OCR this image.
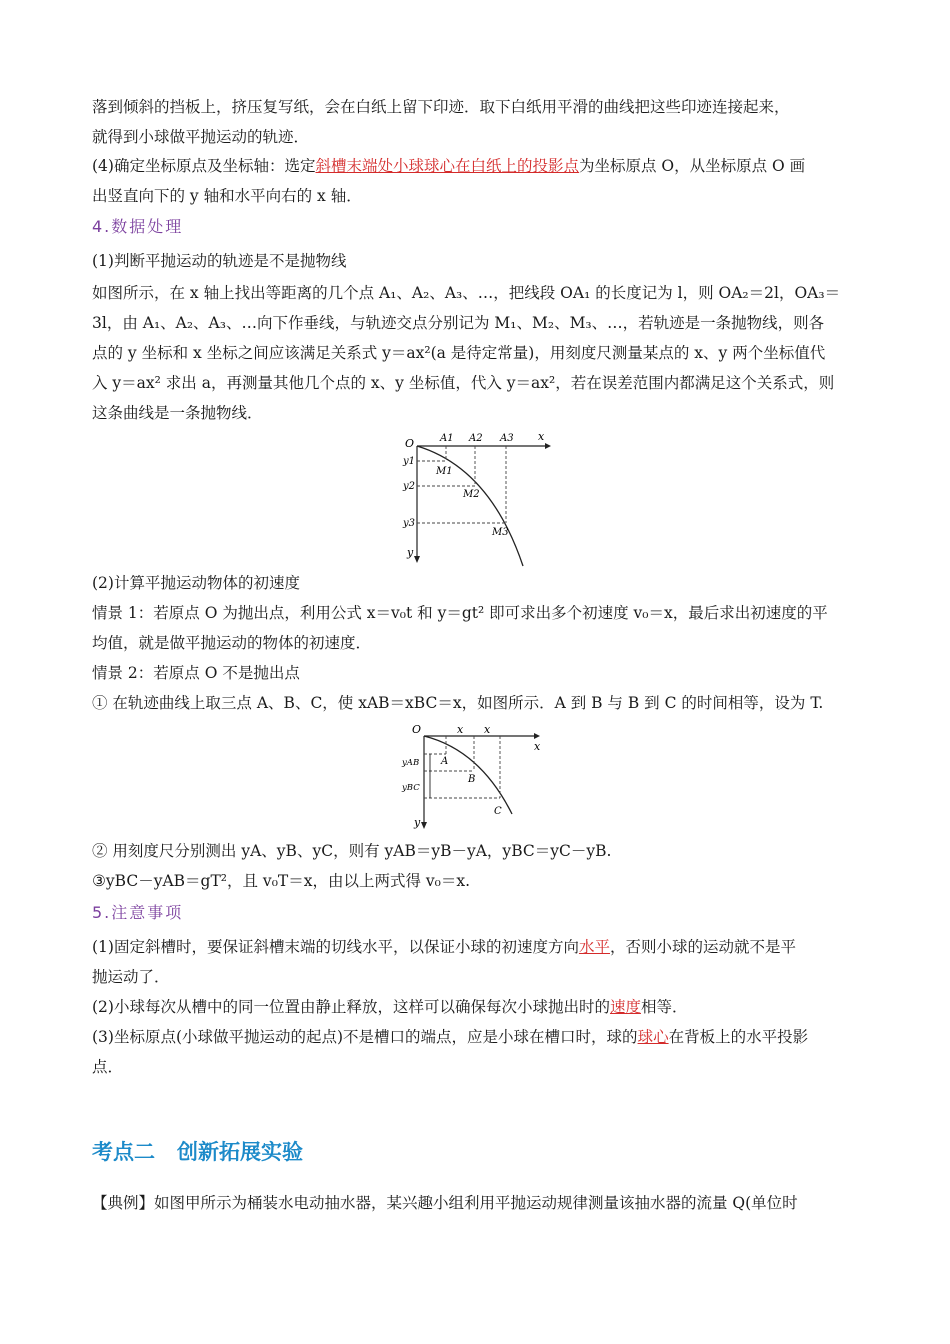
落到倾斜的挡板上，挤压复写纸，会在白纸上留下印迹．取下白纸用平滑的曲线把这些印迹连接起来，
就得到小球做平抛运动的轨迹．
(4)确定坐标原点及坐标轴：选定斜槽末端处小球球心在白纸上的投影点为坐标原点 O，从坐标原点 O 画
出竖直向下的 y 轴和水平向右的 x 轴．
4.数据处理
(1)判断平抛运动的轨迹是不是抛物线
如图所示，在 x 轴上找出等距离的几个点 A₁、A₂、A₃、…，把线段 OA₁ 的长度记为 l，则 OA₂＝2l，OA₃＝
3l，由 A₁、A₂、A₃、…向下作垂线，与轨迹交点分别记为 M₁、M₂、M₃、…，若轨迹是一条抛物线，则各
点的 y 坐标和 x 坐标之间应该满足关系式 y＝ax²(a 是待定常量)，用刻度尺测量某点的 x、y 两个坐标值代
入 y＝ax² 求出 a，再测量其他几个点的 x、y 坐标值，代入 y＝ax²，若在误差范围内都满足这个关系式，则
这条曲线是一条抛物线．
O
x
y
A1 A2 A3
y1
y2
y3
M1
M2
M3
(2)计算平抛运动物体的初速度
情景 1：若原点 O 为抛出点，利用公式 x＝v₀t 和 y＝gt² 即可求出多个初速度 v₀＝x，最后求出初速度的平
均值，就是做平抛运动的物体的初速度．
情景 2：若原点 O 不是抛出点
① 在轨迹曲线上取三点 A、B、C，使 xAB＝xBC＝x，如图所示．A 到 B 与 B 到 C 的时间相等，设为 T.
O
x
y
x x
A
B
C
yAB
yBC
② 用刻度尺分别测出 yA、yB、yC，则有 yAB＝yB－yA，yBC＝yC－yB.
③yBC－yAB＝gT²，且 v₀T＝x，由以上两式得 v₀＝x.
5.注意事项
(1)固定斜槽时，要保证斜槽末端的切线水平，以保证小球的初速度方向水平，否则小球的运动就不是平
抛运动了．
(2)小球每次从槽中的同一位置由静止释放，这样可以确保每次小球抛出时的速度相等．
(3)坐标原点(小球做平抛运动的起点)不是槽口的端点，应是小球在槽口时，球的球心在背板上的水平投影
点．
考点二 创新拓展实验
【典例】如图甲所示为桶装水电动抽水器，某兴趣小组利用平抛运动规律测量该抽水器的流量 Q(单位时
